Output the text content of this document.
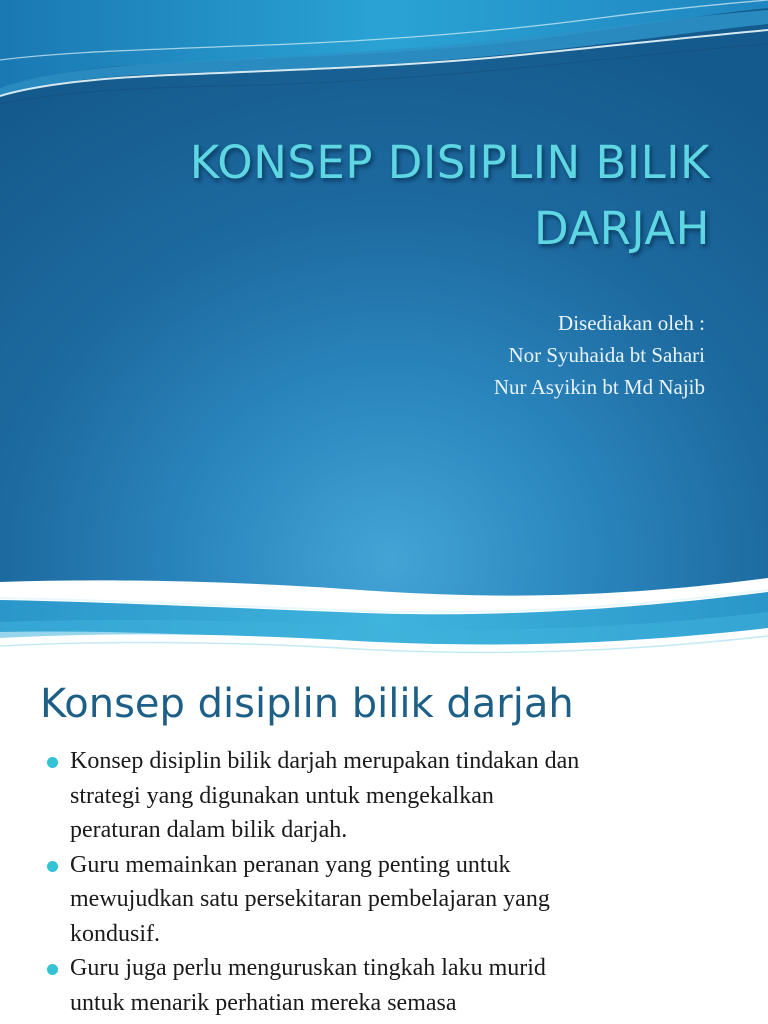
KONSEP DISIPLIN BILIK
DARJAH
Disediakan oleh :
Nor Syuhaida bt Sahari
Nur Asyikin bt Md Najib
Konsep disiplin bilik darjah
Konsep disiplin bilik darjah merupakan tindakan dan
strategi yang digunakan untuk mengekalkan
peraturan dalam bilik darjah.
Guru memainkan peranan yang penting untuk
mewujudkan satu persekitaran pembelajaran yang
kondusif.
Guru juga perlu menguruskan tingkah laku murid
untuk menarik perhatian mereka semasa
